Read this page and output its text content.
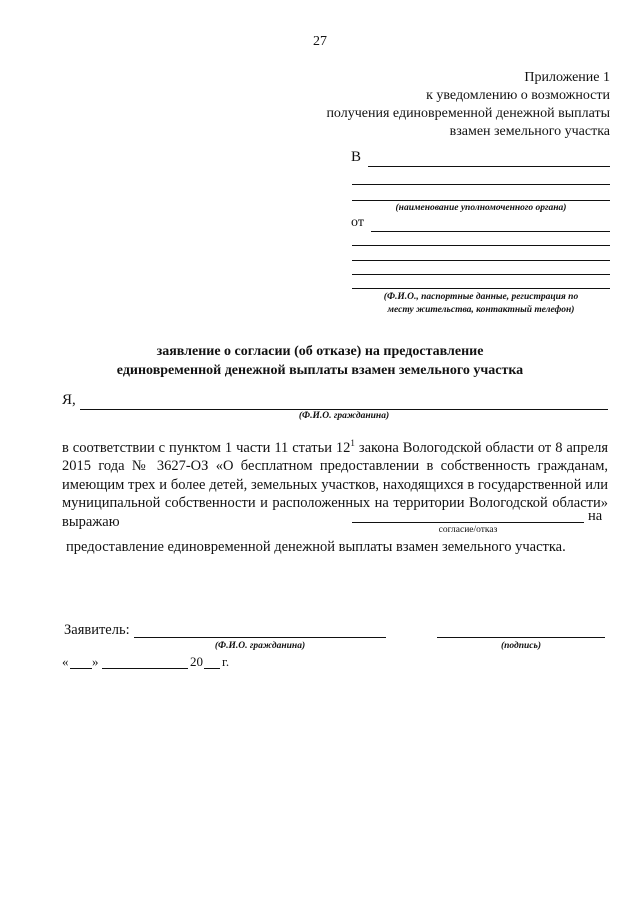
27
Приложение 1
к уведомлению о возможности
получения единовременной денежной выплаты
взамен земельного участка
В
(наименование уполномоченного органа)
от
(Ф.И.О., паспортные данные, регистрация по
месту жительства, контактный телефон)
заявление о согласии (об отказе) на предоставление
единовременной денежной выплаты взамен земельного участка
Я,
(Ф.И.О. гражданина)
в соответствии с пунктом 1 части 11 статьи $12^1$ закона Вологодской области от 8 апреля 2015 года № 3627-ОЗ «О бесплатном предоставлении в собственность гражданам, имеющим трех и более детей, земельных участков, находящихся в государственной или муниципальной собственности и расположенных на территории Вологодской области» выражаю	на
согласие/отказ
предоставление единовременной денежной выплаты взамен земельного участка.
Заявитель:
(Ф.И.О. гражданина)	(подпись)
« »	20 г.
